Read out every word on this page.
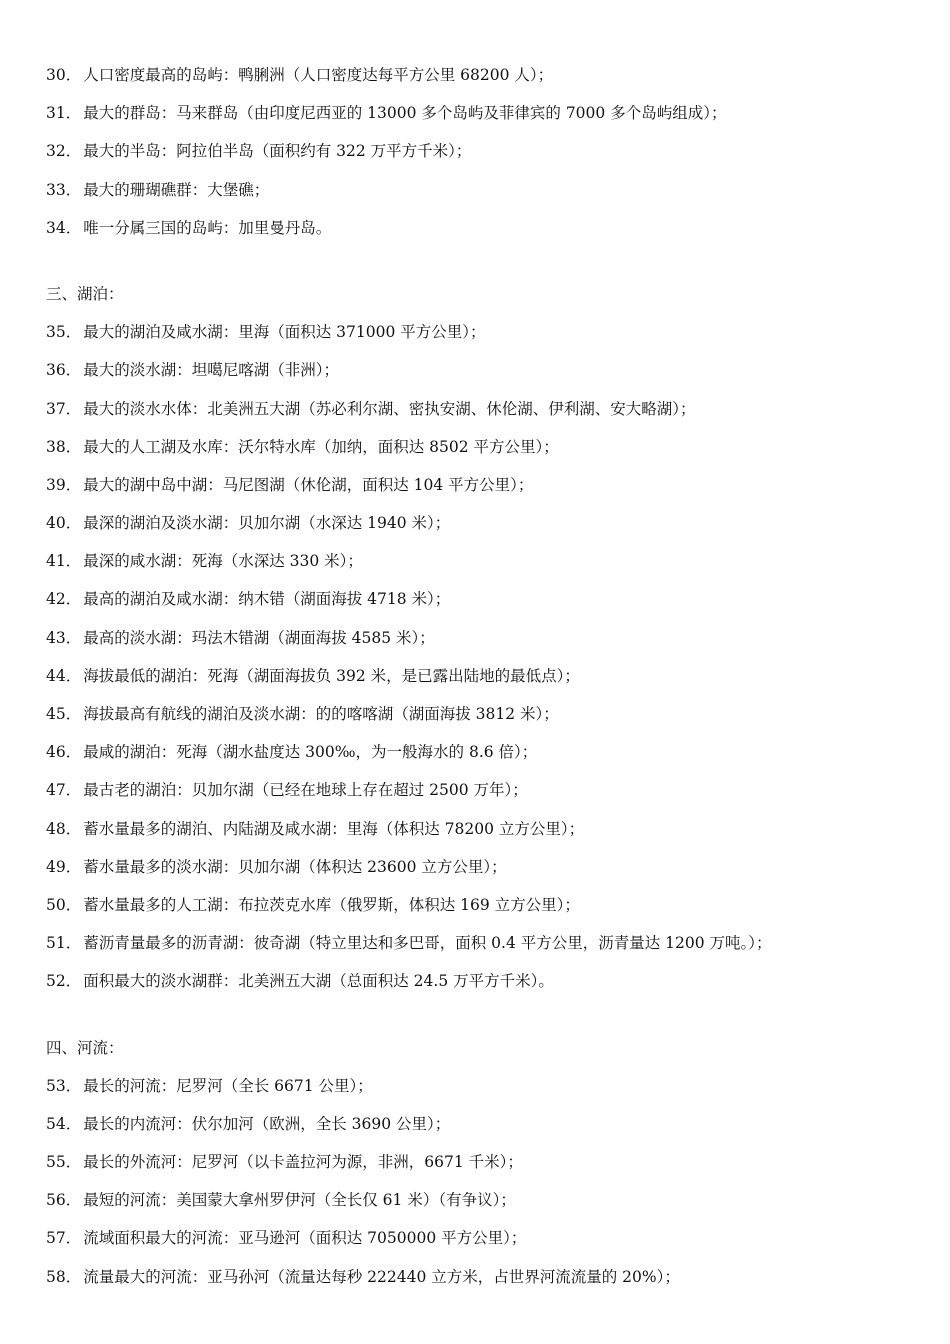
30． 人口密度最高的岛屿：鸭脷洲（人口密度达每平方公里 68200 人）；
31． 最大的群岛：马来群岛（由印度尼西亚的 13000 多个岛屿及菲律宾的 7000 多个岛屿组成）；
32． 最大的半岛：阿拉伯半岛（面积约有 322 万平方千米）；
33． 最大的珊瑚礁群：大堡礁；
34． 唯一分属三国的岛屿：加里曼丹岛。
三、湖泊：
35． 最大的湖泊及咸水湖：里海（面积达 371000 平方公里）；
36． 最大的淡水湖：坦噶尼喀湖（非洲）；
37． 最大的淡水水体：北美洲五大湖（苏必利尔湖、密执安湖、休伦湖、伊利湖、安大略湖）；
38． 最大的人工湖及水库：沃尔特水库（加纳，面积达 8502 平方公里）；
39． 最大的湖中岛中湖：马尼图湖（休伦湖，面积达 104 平方公里）；
40． 最深的湖泊及淡水湖：贝加尔湖（水深达 1940 米）；
41． 最深的咸水湖：死海（水深达 330 米）；
42． 最高的湖泊及咸水湖：纳木错（湖面海拔 4718 米）；
43． 最高的淡水湖：玛法木错湖（湖面海拔 4585 米）；
44． 海拔最低的湖泊：死海（湖面海拔负 392 米，是已露出陆地的最低点）；
45． 海拔最高有航线的湖泊及淡水湖：的的喀喀湖（湖面海拔 3812 米）；
46． 最咸的湖泊：死海（湖水盐度达 300‰，为一般海水的 8.6 倍）；
47． 最古老的湖泊：贝加尔湖（已经在地球上存在超过 2500 万年）；
48． 蓄水量最多的湖泊、内陆湖及咸水湖：里海（体积达 78200 立方公里）；
49． 蓄水量最多的淡水湖：贝加尔湖（体积达 23600 立方公里）；
50． 蓄水量最多的人工湖：布拉茨克水库（俄罗斯，体积达 169 立方公里）；
51． 蓄沥青量最多的沥青湖：彼奇湖（特立里达和多巴哥，面积 0.4 平方公里，沥青量达 1200 万吨。）；
52． 面积最大的淡水湖群：北美洲五大湖（总面积达 24.5 万平方千米）。
四、河流：
53． 最长的河流：尼罗河（全长 6671 公里）；
54． 最长的内流河：伏尔加河（欧洲，全长 3690 公里）；
55． 最长的外流河：尼罗河（以卡盖拉河为源，非洲，6671 千米）；
56． 最短的河流：美国蒙大拿州罗伊河（全长仅 61 米）（有争议）；
57． 流域面积最大的河流：亚马逊河（面积达 7050000 平方公里）；
58． 流量最大的河流：亚马孙河（流量达每秒 222440 立方米，占世界河流流量的 20%）；
